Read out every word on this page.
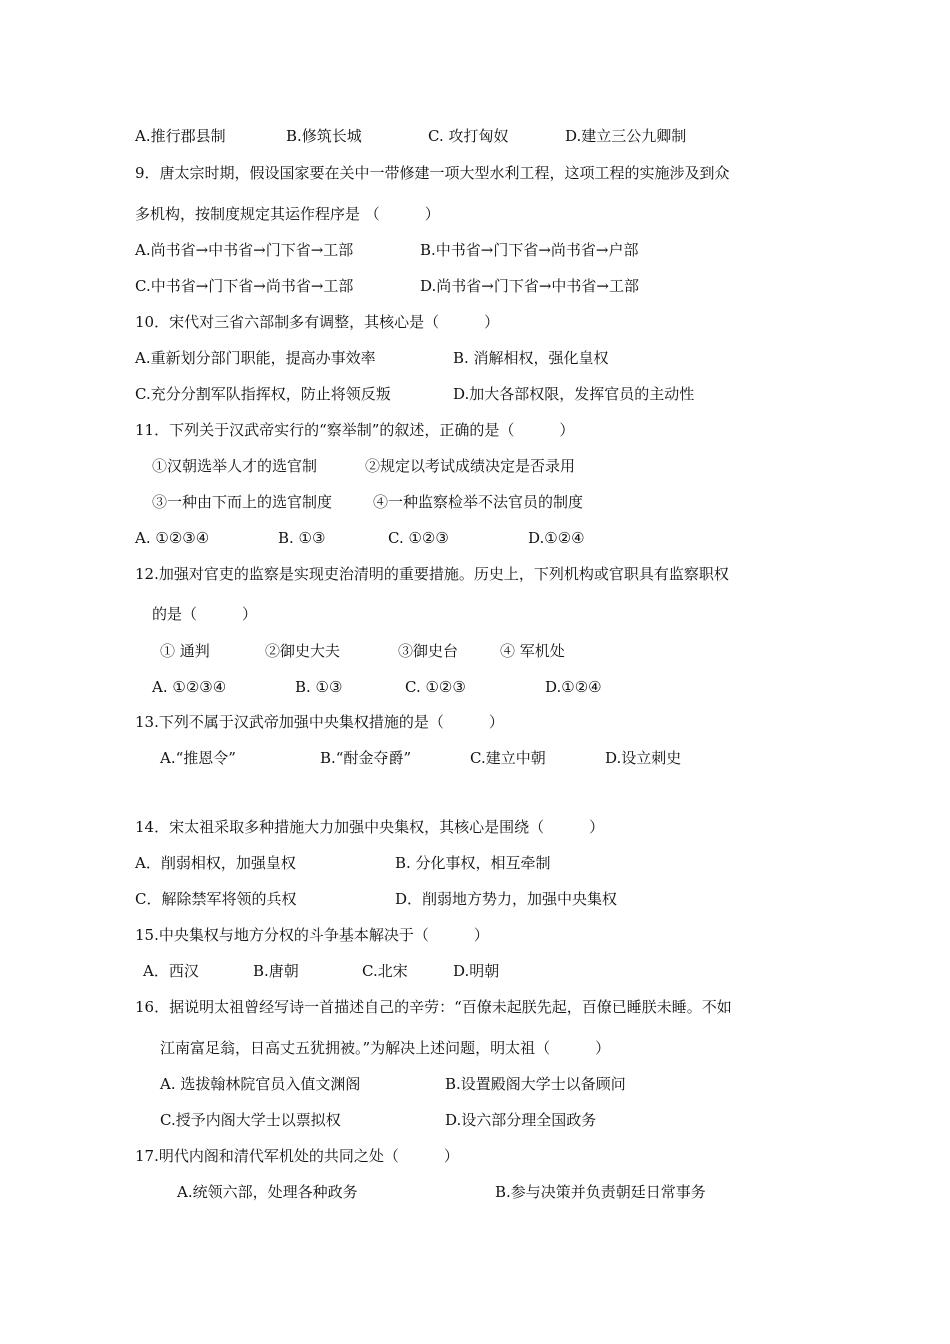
A.推行郡县制	B.修筑长城	C. 攻打匈奴	D.建立三公九卿制
9．唐太宗时期，假设国家要在关中一带修建一项大型水利工程，这项工程的实施涉及到众
多机构，按制度规定其运作程序是 （　　　）
A.尚书省→中书省→门下省→工部	B.中书省→门下省→尚书省→户部
C.中书省→门下省→尚书省→工部	D.尚书省→门下省→中书省→工部
10．宋代对三省六部制多有调整，其核心是（　　　）
A.重新划分部门职能，提高办事效率	B. 消解相权，强化皇权
C.充分分割军队指挥权，防止将领反叛	D.加大各部权限，发挥官员的主动性
11．下列关于汉武帝实行的“察举制”的叙述，正确的是（　　　）
①汉朝选举人才的选官制	②规定以考试成绩决定是否录用
③一种由下而上的选官制度	④一种监察检举不法官员的制度
A. ①②③④	B. ①③	C. ①②③	D.①②④
12.加强对官吏的监察是实现吏治清明的重要措施。历史上，下列机构或官职具有监察职权
的是（　　　）
① 通判	②御史大夫	③御史台	④ 军机处
A. ①②③④	B. ①③	C. ①②③	D.①②④
13.下列不属于汉武帝加强中央集权措施的是（　　　）
A.“推恩令”	B.“酎金夺爵”	C.建立中朝	D.设立刺史
14．宋太祖采取多种措施大力加强中央集权，其核心是围绕（　　　）
A．削弱相权，加强皇权	B. 分化事权，相互牵制
C．解除禁军将领的兵权	D．削弱地方势力，加强中央集权
15.中央集权与地方分权的斗争基本解决于（　　　）
A．西汉	B.唐朝	C.北宋	D.明朝
16．据说明太祖曾经写诗一首描述自己的辛劳：“百僚未起朕先起，百僚已睡朕未睡。不如
江南富足翁，日高丈五犹拥被。”为解决上述问题，明太祖（　　　）
A. 选拔翰林院官员入值文渊阁	B.设置殿阁大学士以备顾问
C.授予内阁大学士以票拟权	D.设六部分理全国政务
17.明代内阁和清代军机处的共同之处（　　　）
A.统领六部，处理各种政务	B.参与决策并负责朝廷日常事务
